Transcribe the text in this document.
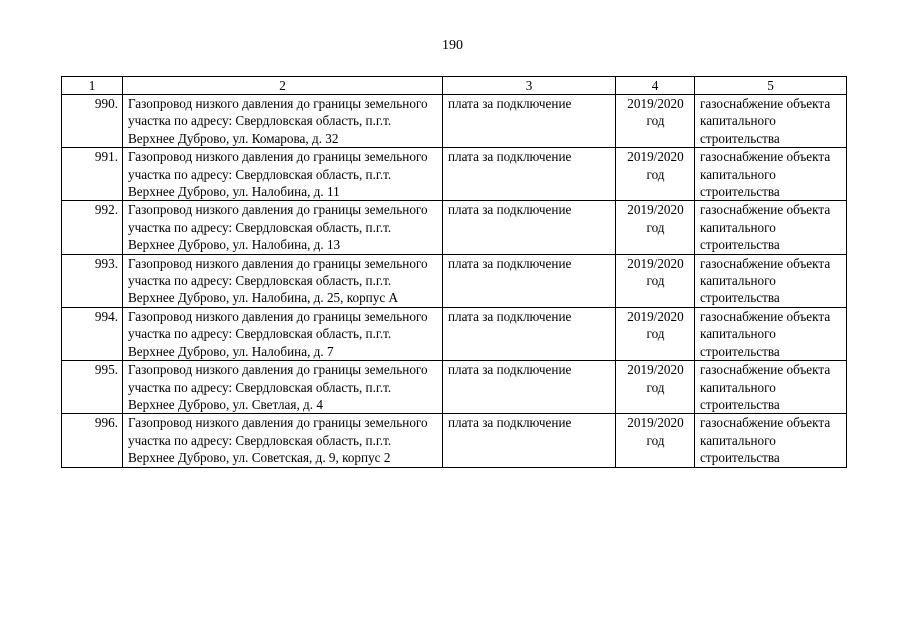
190
1	2	3	4	5
990.	Газопровод низкого давления до границы земельного участка по адресу: Свердловская область, п.г.т. Верхнее Дуброво, ул. Комарова, д. 32	плата за подключение	2019/2020 год	газоснабжение объекта капитального строительства
991.	Газопровод низкого давления до границы земельного участка по адресу: Свердловская область, п.г.т. Верхнее Дуброво, ул. Налобина, д. 11	плата за подключение	2019/2020 год	газоснабжение объекта капитального строительства
992.	Газопровод низкого давления до границы земельного участка по адресу: Свердловская область, п.г.т. Верхнее Дуброво, ул. Налобина, д. 13	плата за подключение	2019/2020 год	газоснабжение объекта капитального строительства
993.	Газопровод низкого давления до границы земельного участка по адресу: Свердловская область, п.г.т. Верхнее Дуброво, ул. Налобина, д. 25, корпус А	плата за подключение	2019/2020 год	газоснабжение объекта капитального строительства
994.	Газопровод низкого давления до границы земельного участка по адресу: Свердловская область, п.г.т. Верхнее Дуброво, ул. Налобина, д. 7	плата за подключение	2019/2020 год	газоснабжение объекта капитального строительства
995.	Газопровод низкого давления до границы земельного участка по адресу: Свердловская область, п.г.т. Верхнее Дуброво, ул. Светлая, д. 4	плата за подключение	2019/2020 год	газоснабжение объекта капитального строительства
996.	Газопровод низкого давления до границы земельного участка по адресу: Свердловская область, п.г.т. Верхнее Дуброво, ул. Советская, д. 9, корпус 2	плата за подключение	2019/2020 год	газоснабжение объекта капитального строительства
